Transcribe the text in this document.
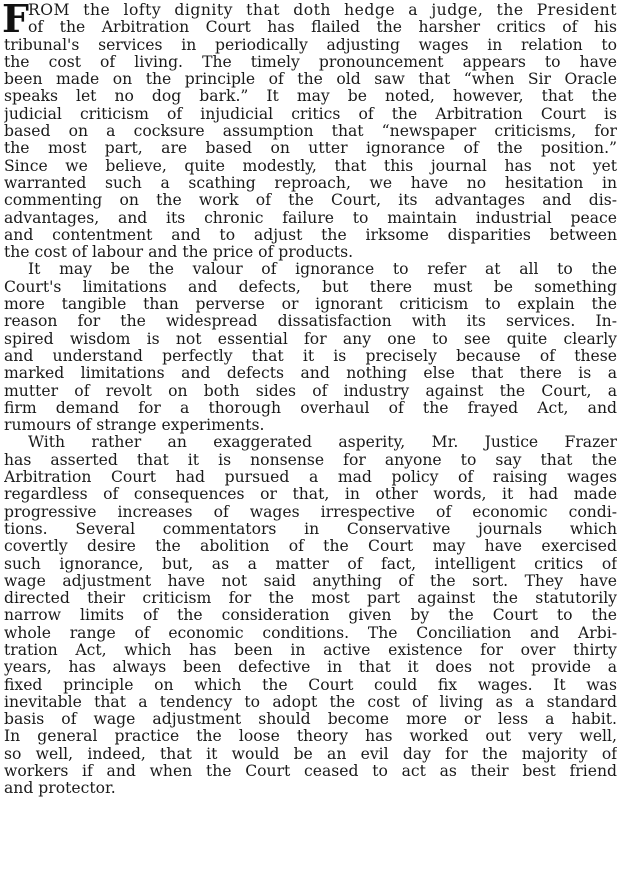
F ROM the lofty dignity that doth hedge a judge, the President
of the Arbitration Court has flailed the harsher critics of his
tribunal's services in periodically adjusting wages in relation to
the cost of living. The timely pronouncement appears to have
been made on the principle of the old saw that “when Sir Oracle
speaks let no dog bark.” It may be noted, however, that the
judicial criticism of injudicial critics of the Arbitration Court is
based on a cocksure assumption that “newspaper criticisms, for
the most part, are based on utter ignorance of the position.”
Since we believe, quite modestly, that this journal has not yet
warranted such a scathing reproach, we have no hesitation in
commenting on the work of the Court, its advantages and dis-
advantages, and its chronic failure to maintain industrial peace
and contentment and to adjust the irksome disparities between
the cost of labour and the price of products.
It may be the valour of ignorance to refer at all to the
Court's limitations and defects, but there must be something
more tangible than perverse or ignorant criticism to explain the
reason for the widespread dissatisfaction with its services. In-
spired wisdom is not essential for any one to see quite clearly
and understand perfectly that it is precisely because of these
marked limitations and defects and nothing else that there is a
mutter of revolt on both sides of industry against the Court, a
firm demand for a thorough overhaul of the frayed Act, and
rumours of strange experiments.
With rather an exaggerated asperity, Mr. Justice Frazer
has asserted that it is nonsense for anyone to say that the
Arbitration Court had pursued a mad policy of raising wages
regardless of consequences or that, in other words, it had made
progressive increases of wages irrespective of economic condi-
tions. Several commentators in Conservative journals which
covertly desire the abolition of the Court may have exercised
such ignorance, but, as a matter of fact, intelligent critics of
wage adjustment have not said anything of the sort. They have
directed their criticism for the most part against the statutorily
narrow limits of the consideration given by the Court to the
whole range of economic conditions. The Conciliation and Arbi-
tration Act, which has been in active existence for over thirty
years, has always been defective in that it does not provide a
fixed principle on which the Court could fix wages. It was
inevitable that a tendency to adopt the cost of living as a standard
basis of wage adjustment should become more or less a habit.
In general practice the loose theory has worked out very well,
so well, indeed, that it would be an evil day for the majority of
workers if and when the Court ceased to act as their best friend
and protector.
